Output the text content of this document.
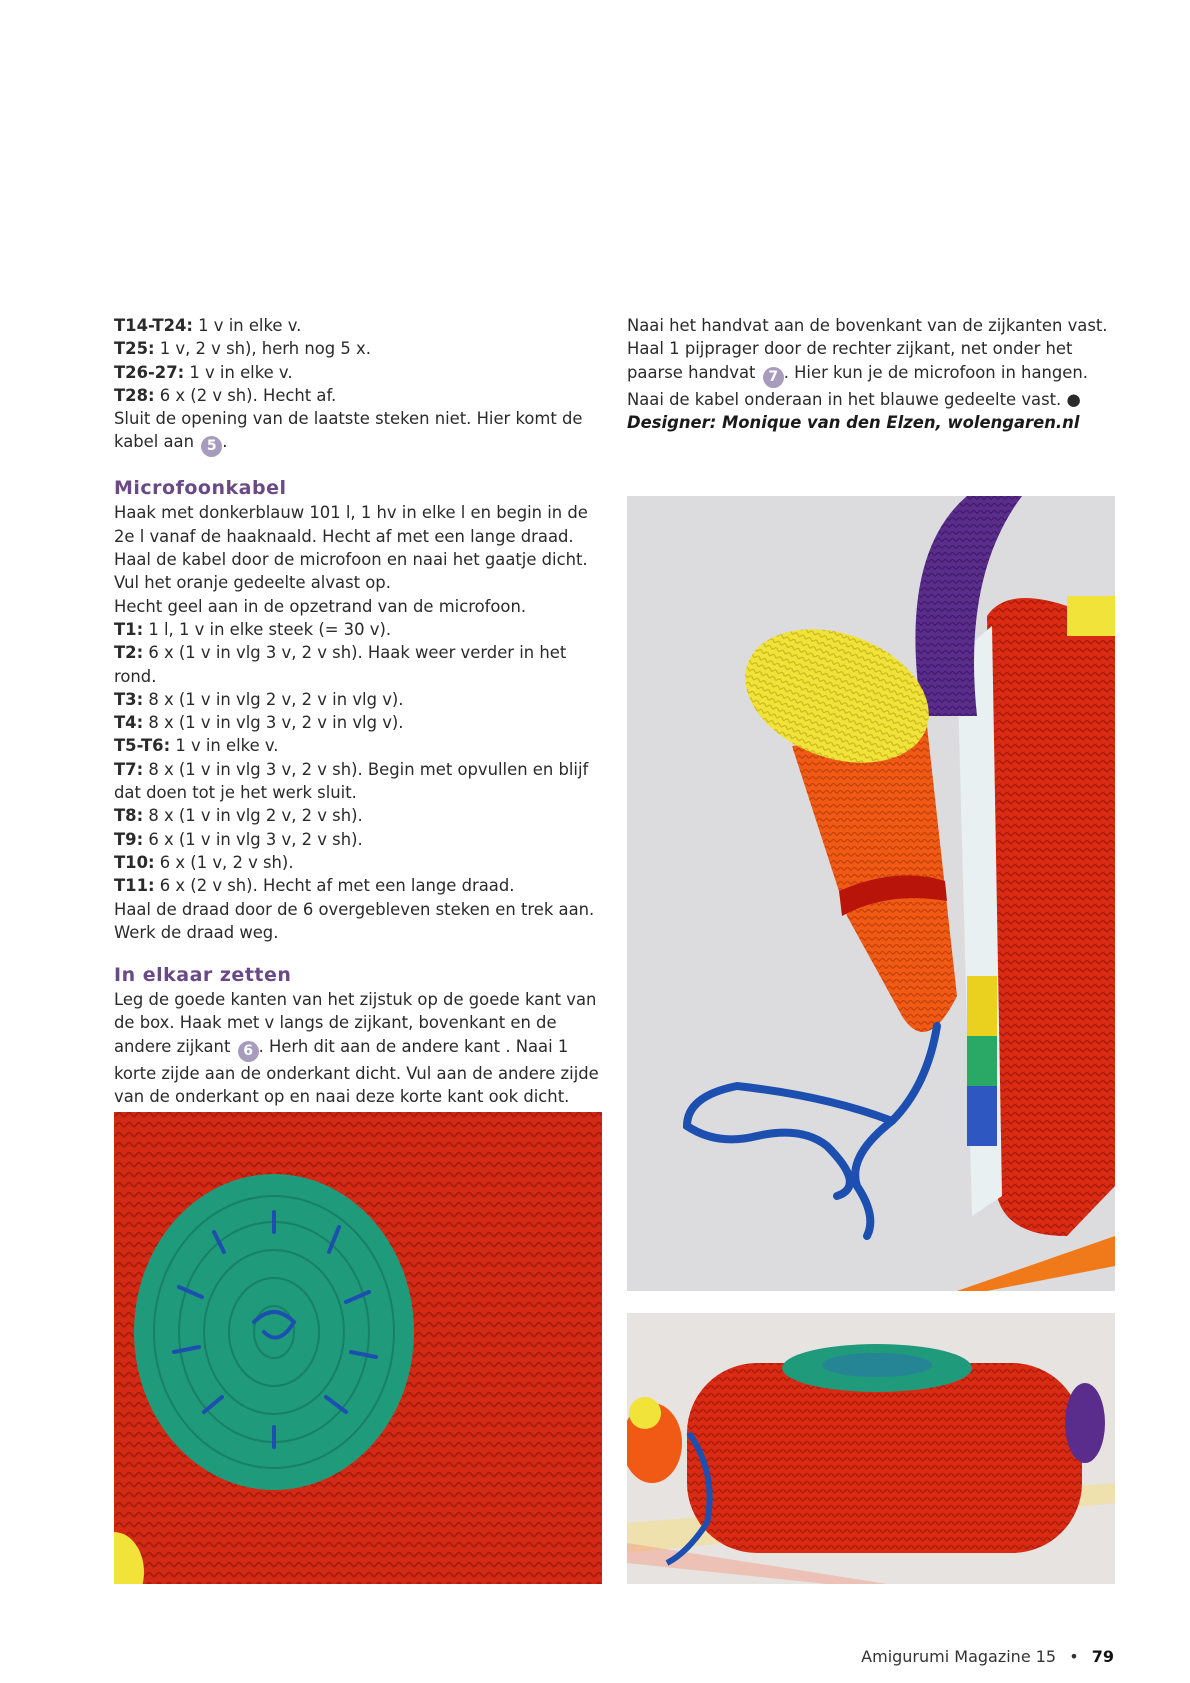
T14-T24: 1 v in elke v.

T25: 1 v, 2 v sh), herh nog 5 x.

T26-27: 1 v in elke v.

T28: 6 x (2 v sh). Hecht af.

Sluit de opening van de laatste steken niet. Hier komt de kabel aan 5 .

Microfoonkabel

Haak met donkerblauw 101 l, 1 hv in elke l en begin in de 2e l vanaf de haaknaald. Hecht af met een lange draad. Haal de kabel door de microfoon en naai het gaatje dicht. Vul het oranje gedeelte alvast op.

Hecht geel aan in de opzetrand van de microfoon.

T1: 1 l, 1 v in elke steek (= 30 v).

T2: 6 x (1 v in vlg 3 v, 2 v sh). Haak weer verder in het rond.

T3: 8 x (1 v in vlg 2 v, 2 v in vlg v).

T4: 8 x (1 v in vlg 3 v, 2 v in vlg v).

T5-T6: 1 v in elke v.

T7: 8 x (1 v in vlg 3 v, 2 v sh). Begin met opvullen en blijf dat doen tot je het werk sluit.

T8: 8 x (1 v in vlg 2 v, 2 v sh).

T9: 6 x (1 v in vlg 3 v, 2 v sh).

T10: 6 x (1 v, 2 v sh).

T11: 6 x (2 v sh). Hecht af met een lange draad.

Haal de draad door de 6 overgebleven steken en trek aan. Werk de draad weg.

In elkaar zetten

Leg de goede kanten van het zijstuk op de goede kant van de box. Haak met v langs de zijkant, bovenkant en de andere zijkant 6 . Herh dit aan de andere kant . Naai 1 korte zijde aan de onderkant dicht. Vul aan de andere zijde van de onderkant op en naai deze korte kant ook dicht.

Naai het handvat aan de bovenkant van de zijkanten vast. Haal 1 pijprager door de rechter zijkant, net onder het paarse handvat 7 . Hier kun je de microfoon in hangen. Naai de kabel onderaan in het blauwe gedeelte vast. ●

Designer: Monique van den Elzen, wolengaren.nl

Amigurumi Magazine 15 • 79
